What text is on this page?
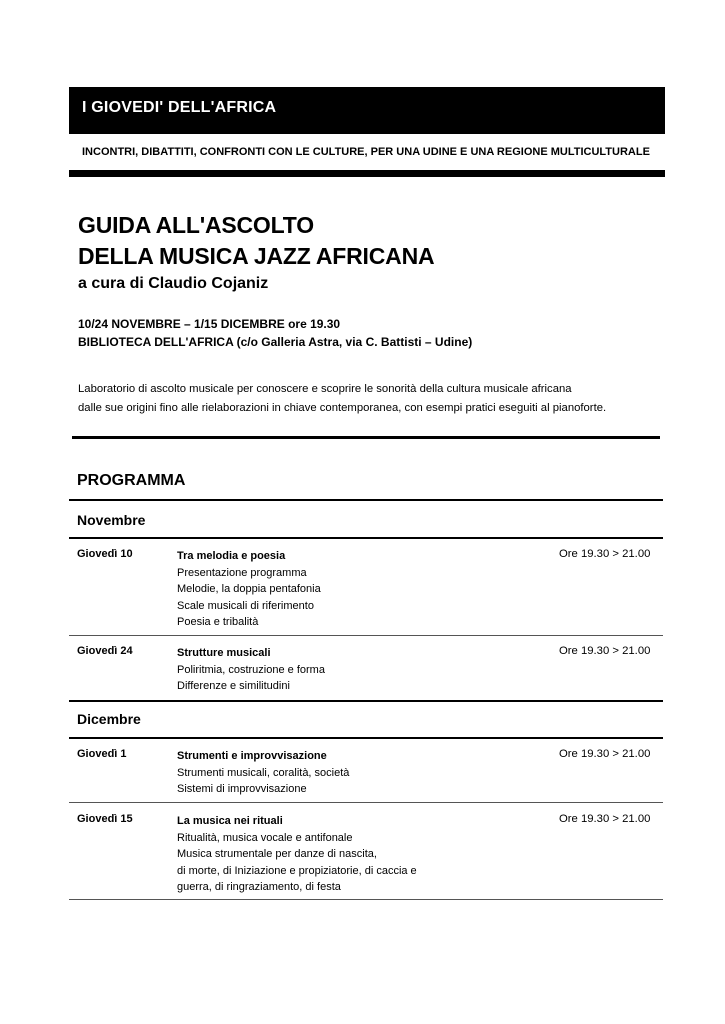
I GIOVEDI' DELL'AFRICA
INCONTRI, DIBATTITI, CONFRONTI CON LE CULTURE, PER UNA UDINE E UNA REGIONE MULTICULTURALE
GUIDA ALL'ASCOLTO
DELLA MUSICA JAZZ AFRICANA
a cura di Claudio Cojaniz
10/24 NOVEMBRE – 1/15 DICEMBRE ore 19.30
BIBLIOTECA DELL'AFRICA (c/o Galleria Astra, via C. Battisti – Udine)
Laboratorio di ascolto musicale per conoscere e scoprire le sonorità della cultura musicale africana
dalle sue origini fino alle rielaborazioni in chiave contemporanea, con esempi pratici eseguiti al pianoforte.
PROGRAMMA
Novembre
Giovedì 10	Tra melodia e poesia
Presentazione programma
Melodie, la doppia pentafonia
Scale musicali di riferimento
Poesia e tribalità
Ore 19.30 > 21.00
Giovedì 24	Strutture musicali
Poliritmia, costruzione e forma
Differenze e similitudini
Ore 19.30 > 21.00
Dicembre
Giovedì 1	Strumenti e improvvisazione
Strumenti musicali, coralità, società
Sistemi di improvvisazione
Ore 19.30 > 21.00
Giovedì 15	La musica nei rituali
Ritualità, musica vocale e antifonale
Musica strumentale per danze di nascita,
di morte, di Iniziazione e propiziatorie, di caccia e
guerra, di ringraziamento, di festa
Ore 19.30 > 21.00
